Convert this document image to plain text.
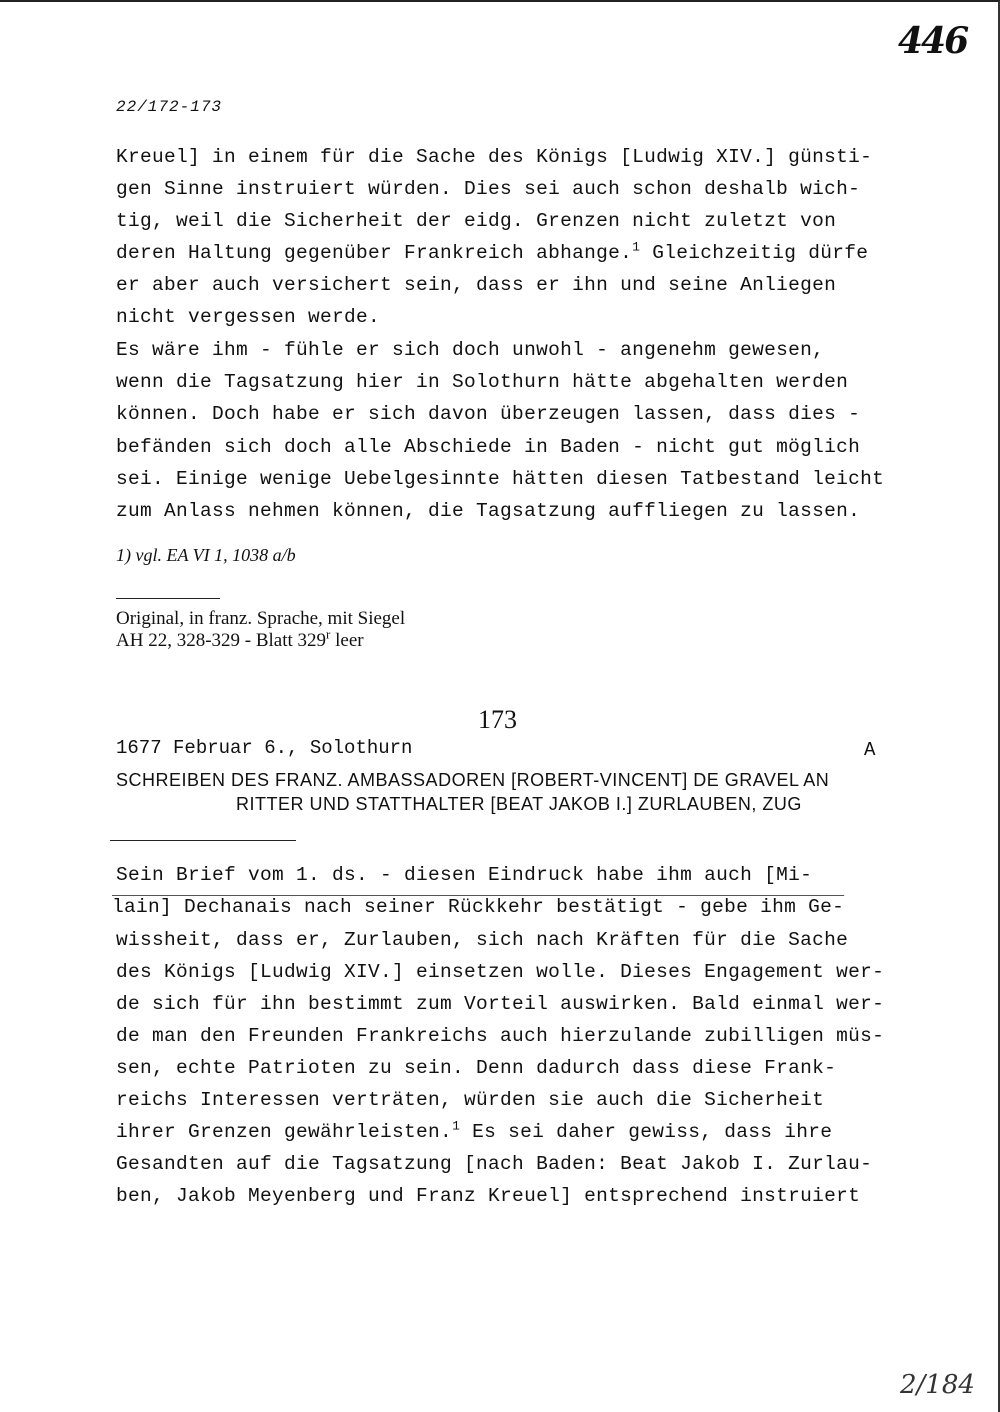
446
22/172-173
Kreuel] in einem für die Sache des Königs [Ludwig XIV.] günsti-
gen Sinne instruiert würden. Dies sei auch schon deshalb wich-
tig, weil die Sicherheit der eidg. Grenzen nicht zuletzt von
deren Haltung gegenüber Frankreich abhange.$^1$ Gleichzeitig dürfe
er aber auch versichert sein, dass er ihn und seine Anliegen
nicht vergessen werde.
Es wäre ihm - fühle er sich doch unwohl - angenehm gewesen,
wenn die Tagsatzung hier in Solothurn hätte abgehalten werden
können. Doch habe er sich davon überzeugen lassen, dass dies -
befänden sich doch alle Abschiede in Baden - nicht gut möglich
sei. Einige wenige Uebelgesinnte hätten diesen Tatbestand leicht
zum Anlass nehmen können, die Tagsatzung auffliegen zu lassen.
1) vgl. EA VI 1, 1038 a/b
Original, in franz. Sprache, mit Siegel
AH 22, 328-329 - Blatt 329$^r$ leer
173
1677 Februar 6., Solothurn	A
SCHREIBEN DES FRANZ. AMBASSADOREN [ROBERT-VINCENT] DE GRAVEL AN
RITTER UND STATTHALTER [BEAT JAKOB I.] ZURLAUBEN, ZUG
Sein Brief vom 1. ds. - diesen Eindruck habe ihm auch [Mi-
lain] Dechanais nach seiner Rückkehr bestätigt - gebe ihm Ge-
wissheit, dass er, Zurlauben, sich nach Kräften für die Sache
des Königs [Ludwig XIV.] einsetzen wolle. Dieses Engagement wer-
de sich für ihn bestimmt zum Vorteil auswirken. Bald einmal wer-
de man den Freunden Frankreichs auch hierzulande zubilligen müs-
sen, echte Patrioten zu sein. Denn dadurch dass diese Frank-
reichs Interessen verträten, würden sie auch die Sicherheit
ihrer Grenzen gewährleisten.$^1$ Es sei daher gewiss, dass ihre
Gesandten auf die Tagsatzung [nach Baden: Beat Jakob I. Zurlau-
ben, Jakob Meyenberg und Franz Kreuel] entsprechend instruiert
2/184
